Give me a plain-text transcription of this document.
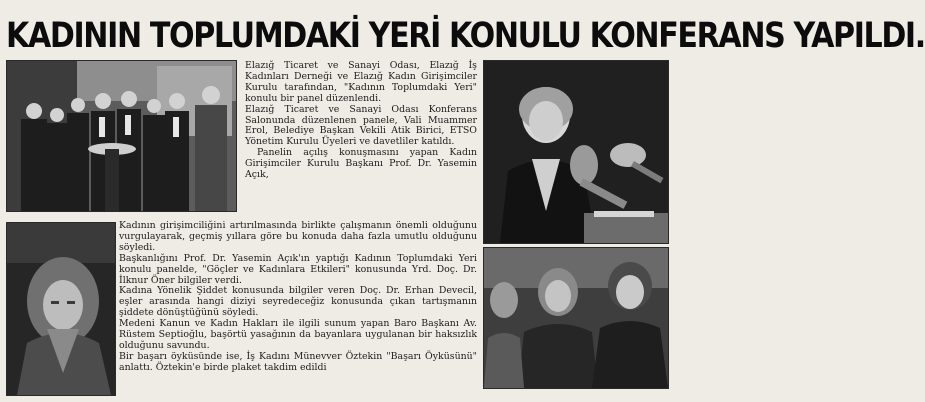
KADININ TOPLUMDAKİ YERİ KONULU KONFERANS YAPILDI.

Elazığ Ticaret ve Sanayi Odası, Elazığ İş Kadınları Derneği ve Elazığ Kadın Girişimciler Kurulu tarafından, "Kadının Toplumdaki Yeri" konulu bir panel düzenlendi.

Elazığ Ticaret ve Sanayi Odası Konferans Salonunda düzenlenen panele, Vali Muammer Erol, Belediye Başkan Vekili Atik Birici, ETSO Yönetim Kurulu Üyeleri ve davetliler katıldı.

Panelin açılış konuşmasını yapan Kadın Girişimciler Kurulu Başkanı Prof. Dr. Yasemin Açık,

Kadının girişimciliğini artırılmasında birlikte çalışmanın önemli olduğunu vurgulayarak, geçmiş yıllara göre bu konuda daha fazla umutlu olduğunu söyledi.

Başkanlığını Prof. Dr. Yasemin Açık'ın yaptığı Kadının Toplumdaki Yeri konulu panelde, "Göçler ve Kadınlara Etkileri" konusunda Yrd. Doç. Dr. İlknur Öner bilgiler verdi.

Kadına Yönelik Şiddet konusunda bilgiler veren Doç. Dr. Erhan Devecil, eşler arasında hangi diziyi seyredeceğiz konusunda çıkan tartışmanın şiddete dönüştüğünü söyledi.

Medeni Kanun ve Kadın Hakları ile ilgili sunum yapan Baro Başkanı Av. Rüstem Septioğlu, başörtü yasağının da bayanlara uygulanan bir haksızlık olduğunu savundu.

Bir başarı öyküsünde ise, İş Kadını Münevver Öztekin "Başarı Öyküsünü" anlattı. Öztekin'e birde plaket takdim edildi
